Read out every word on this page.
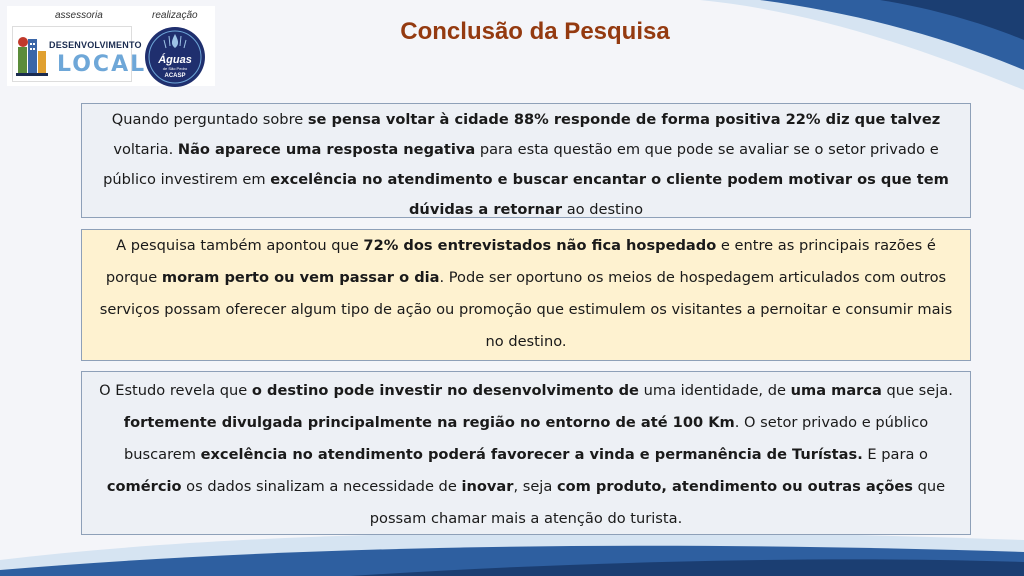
assessoria	realização
DESENVOLVIMENTO
LOCAL	Águas
de São Pedro
ACASP
Conclusão da Pesquisa
Quando perguntado sobre se pensa voltar à cidade 88% responde de forma positiva 22% diz que talvez voltaria. Não aparece uma resposta negativa para esta questão em que pode se avaliar se o setor privado e público investirem em excelência no atendimento e buscar encantar o cliente podem motivar os que tem dúvidas a retornar ao destino
A pesquisa também apontou que 72% dos entrevistados não fica hospedado e entre as principais razões é porque moram perto ou vem passar o dia. Pode ser oportuno os meios de hospedagem articulados com outros serviços possam oferecer algum tipo de ação ou promoção que estimulem os visitantes a pernoitar e consumir mais no destino.
O Estudo revela que o destino pode investir no desenvolvimento de uma identidade, de uma marca que seja. fortemente divulgada principalmente na região no entorno de até 100 Km. O setor privado e público buscarem excelência no atendimento poderá favorecer a vinda e permanência de Turístas. E para o comércio os dados sinalizam a necessidade de inovar, seja com produto, atendimento ou outras ações que possam chamar mais a atenção do turista.
